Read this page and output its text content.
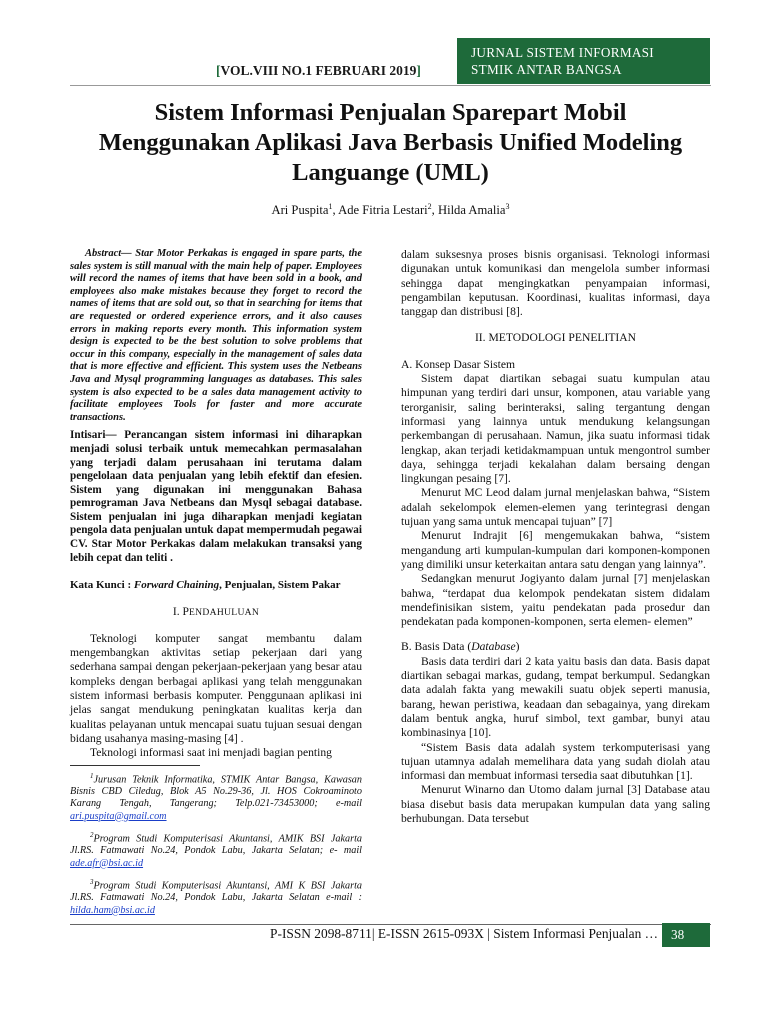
JURNAL SISTEM INFORMASI
STMIK ANTAR BANGSA
[VOL.VIII NO.1 FEBRUARI 2019]
Sistem Informasi Penjualan Sparepart Mobil
Menggunakan Aplikasi Java Berbasis Unified Modeling
Languange (UML)

Ari Puspita$^1$, Ade Fitria Lestari$^2$, Hilda Amalia$^3$

Abstract— Star Motor Perkakas is engaged in spare parts, the sales system is still manual with the main help of paper. Employees will record the names of items that have been sold in a book, and employees also make mistakes because they forget to record the names of items that are sold out, so that in searching for items that are requested or ordered experience errors, and it also causes errors in making reports every month. This information system design is expected to be the best solution to solve problems that occur in this company, especially in the management of sales data that is more effective and efficient. This system uses the Netbeans Java and Mysql programming languages as databases. This sales system is also expected to be a sales data management activity to facilitate employees Tools for faster and more accurate transactions.

Intisari— Perancangan sistem informasi ini diharapkan menjadi solusi terbaik untuk memecahkan permasalahan yang terjadi dalam perusahaan ini terutama dalam pengelolaan data penjualan yang lebih efektif dan efesien. Sistem yang digunakan ini menggunakan Bahasa pemrograman Java Netbeans dan Mysql sebagai database. Sistem penjualan ini juga diharapkan menjadi kegiatan pengola data penjualan untuk dapat mempermudah pegawai CV. Star Motor Perkakas dalam melakukan transaksi yang lebih cepat dan teliti .

Kata Kunci : Forward Chaining, Penjualan, Sistem Pakar

I. PENDAHULUAN

Teknologi komputer sangat membantu dalam mengembangkan aktivitas setiap pekerjaan dari yang sederhana sampai dengan pekerjaan-pekerjaan yang besar atau kompleks dengan berbagai aplikasi yang telah menggunakan sistem informasi berbasis komputer. Penggunaan aplikasi ini jelas sangat mendukung peningkatan kualitas kerja dan kualitas pelayanan untuk mencapai suatu tujuan sesuai dengan bidang usahanya masing-masing [4] .

Teknologi informasi saat ini menjadi bagian penting

$^1$Jurusan Teknik Informatika, STMIK Antar Bangsa, Kawasan Bisnis CBD Ciledug, Blok A5 No.29-36, Jl. HOS Cokroaminoto Karang Tengah, Tangerang; Telp.021-73453000; e-mail ari.puspita@gmail.com

$^2$Program Studi Komputerisasi Akuntansi, AMIK BSI Jakarta Jl.RS. Fatmawati No.24, Pondok Labu, Jakarta Selatan; e- mail ade.afr@bsi.ac.id

$^3$Program Studi Komputerisasi Akuntansi, AMI K BSI Jakarta Jl.RS. Fatmawati No.24, Pondok Labu, Jakarta Selatan e-mail : hilda.ham@bsi.ac.id

dalam suksesnya proses bisnis organisasi. Teknologi informasi digunakan untuk komunikasi dan mengelola sumber informasi sehingga dapat mengingkatkan penyampaian informasi, pengambilan keputusan. Koordinasi, kualitas informasi, daya tanggap dan distribusi [8].

II. METODOLOGI PENELITIAN

A. Konsep Dasar Sistem

Sistem dapat diartikan sebagai suatu kumpulan atau himpunan yang terdiri dari unsur, komponen, atau variable yang terorganisir, saling berinteraksi, saling tergantung dengan informasi yang lainnya untuk mendukung kelangsungan perkembangan di perusahaan. Namun, jika suatu informasi tidak lengkap, akan terjadi ketidakmampuan untuk mengontrol sumber daya, sehingga terjadi kekalahan dalam bersaing dengan lingkungan pesaing [7].

Menurut MC Leod dalam jurnal menjelaskan bahwa, “Sistem adalah sekelompok elemen-elemen yang terintegrasi dengan tujuan yang sama untuk mencapai tujuan” [7]

Menurut Indrajit [6] mengemukakan bahwa, “sistem mengandung arti kumpulan-kumpulan dari komponen-komponen yang dimiliki unsur keterkaitan antara satu dengan yang lainnya”.

Sedangkan menurut Jogiyanto dalam jurnal [7] menjelaskan bahwa, “terdapat dua kelompok pendekatan sistem didalam mendefinisikan sistem, yaitu pendekatan pada prosedur dan pendekatan pada komponen-komponen, serta elemen- elemen”

B. Basis Data (Database)

Basis data terdiri dari 2 kata yaitu basis dan data. Basis dapat diartikan sebagai markas, gudang, tempat berkumpul. Sedangkan data adalah fakta yang mewakili suatu objek seperti manusia, barang, hewan peristiwa, keadaan dan sebagainya, yang direkam dalam bentuk angka, huruf simbol, text gambar, bunyi atau kombinasinya [10].

“Sistem Basis data adalah system terkomputerisasi yang tujuan utamnya adalah memelihara data yang sudah diolah atau informasi dan membuat informasi tersedia saat dibutuhkan [1].

Menurut Winarno dan Utomo dalam jurnal [3] Database atau biasa disebut basis data merupakan kumpulan data yang saling berhubungan. Data tersebut

P-ISSN 2098-8711| E-ISSN 2615-093X | Sistem Informasi Penjualan … 38
